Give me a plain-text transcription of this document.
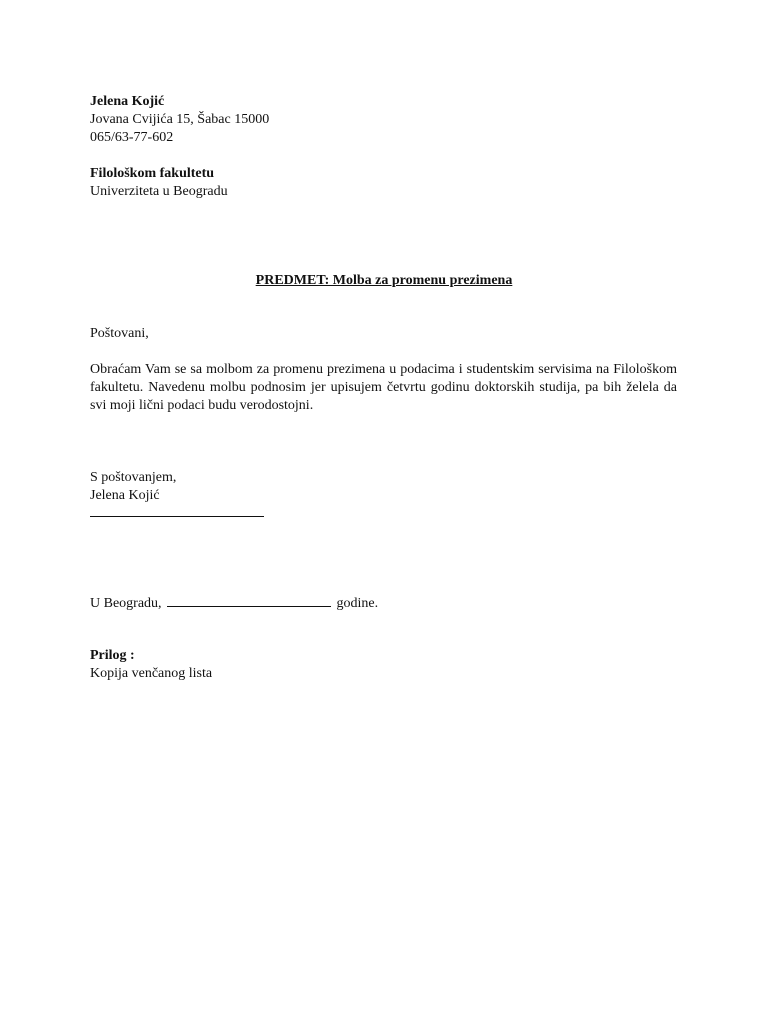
Jelena Kojić
Jovana Cvijića 15, Šabac 15000
065/63-77-602
Filološkom fakultetu
Univerziteta u Beogradu
PREDMET: Molba za promenu prezimena
Poštovani,
Obraćam Vam se sa molbom za promenu prezimena u podacima i studentskim servisima na Filološkom fakultetu. Navedenu molbu podnosim jer upisujem četvrtu godinu doktorskih studija, pa bih želela da svi moji lični podaci budu verodostojni.
S poštovanjem,
Jelena Kojić
U Beogradu,	godine.
Prilog :
Kopija venčanog lista
